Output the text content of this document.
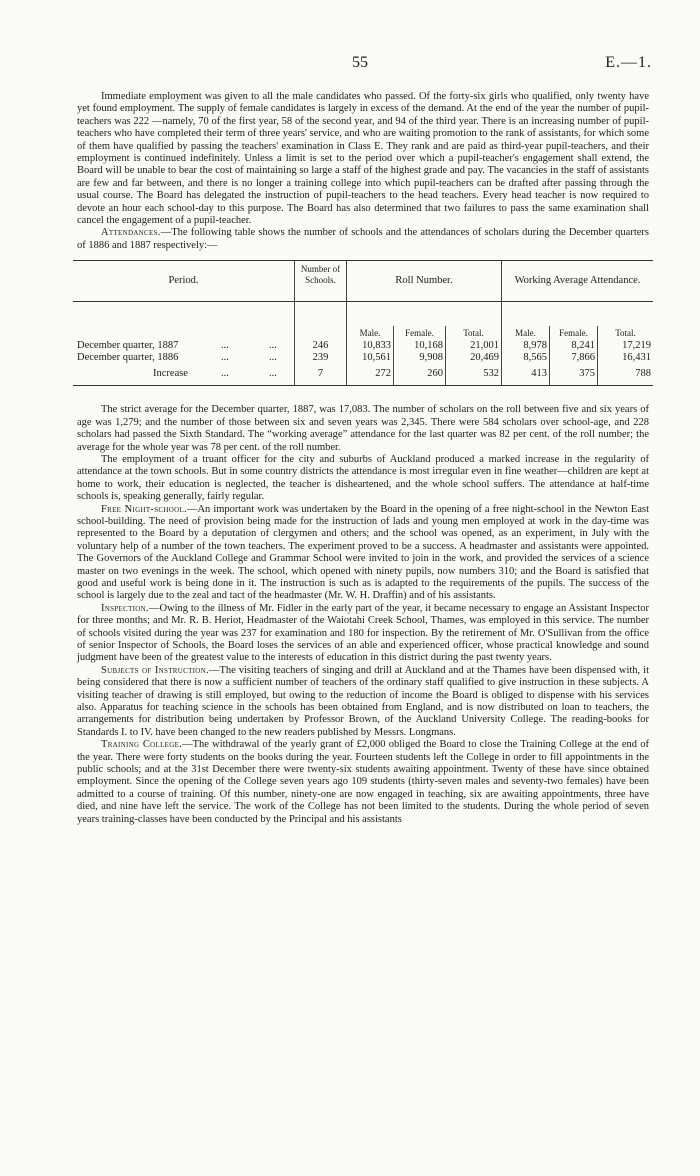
55	E.—1.

Immediate employment was given to all the male candidates who passed. Of the forty-six girls who qualified, only twenty have yet found employment. The supply of female candidates is largely in excess of the demand. At the end of the year the number of pupil-teachers was 222 —namely, 70 of the first year, 58 of the second year, and 94 of the third year. There is an increasing number of pupil-teachers who have completed their term of three years' service, and who are waiting promotion to the rank of assistants, for which some of them have qualified by passing the teachers' examination in Class E. They rank and are paid as third-year pupil-teachers, and their employment is continued indefinitely. Unless a limit is set to the period over which a pupil-teacher's engagement shall extend, the Board will be unable to bear the cost of maintaining so large a staff of the highest grade and pay. The vacancies in the staff of assistants are few and far between, and there is no longer a training college into which pupil-teachers can be drafted after passing through the usual course. The Board has delegated the instruction of pupil-teachers to the head teachers. Every head teacher is now required to devote an hour each school-day to this purpose. The Board has also determined that two failures to pass the same examination shall cancel the engagement of a pupil-teacher.

Attendances.—The following table shows the number of schools and the attendances of scholars during the December quarters of 1886 and 1887 respectively:—

Period.
Number of Schools.	Roll Number.	Working Average Attendance.
Male.	Female.	Total.	Male.	Female.	Total.
December quarter, 1887	...	...	246	10,833	10,168	21,001	8,978	8,241	17,219
December quarter, 1886	...	...	239	10,561	9,908	20,469	8,565	7,866	16,431
Increase	...	...	7	272	260	532	413	375	788

The strict average for the December quarter, 1887, was 17,083. The number of scholars on the roll between five and six years of age was 1,279; and the number of those between six and seven years was 2,345. There were 584 scholars over school-age, and 228 scholars had passed the Sixth Standard. The “working average” attendance for the last quarter was 82 per cent. of the roll number; the average for the whole year was 78 per cent. of the roll number.

The employment of a truant officer for the city and suburbs of Auckland produced a marked increase in the regularity of attendance at the town schools. But in some country districts the attendance is most irregular even in fine weather—children are kept at home to work, their education is neglected, the teacher is disheartened, and the whole school suffers. The attendance at half-time schools is, speaking generally, fairly regular.

Free Night-school.—An important work was undertaken by the Board in the opening of a free night-school in the Newton East school-building. The need of provision being made for the instruction of lads and young men employed at work in the day-time was represented to the Board by a deputation of clergymen and others; and the school was opened, as an experiment, in July with the voluntary help of a number of the town teachers. The experiment proved to be a success. A headmaster and assistants were appointed. The Governors of the Auckland College and Grammar School were invited to join in the work, and provided the services of a science master on two evenings in the week. The school, which opened with ninety pupils, now numbers 310; and the Board is satisfied that good and useful work is being done in it. The instruction is such as is adapted to the requirements of the pupils. The success of the school is largely due to the zeal and tact of the headmaster (Mr. W. H. Draffin) and of his assistants.

Inspection.—Owing to the illness of Mr. Fidler in the early part of the year, it became necessary to engage an Assistant Inspector for three months; and Mr. R. B. Heriot, Headmaster of the Waiotahi Creek School, Thames, was employed in this service. The number of schools visited during the year was 237 for examination and 180 for inspection. By the retirement of Mr. O'Sullivan from the office of senior Inspector of Schools, the Board loses the services of an able and experienced officer, whose practical knowledge and sound judgment have been of the greatest value to the interests of education in this district during the past twenty years.

Subjects of Instruction.—The visiting teachers of singing and drill at Auckland and at the Thames have been dispensed with, it being considered that there is now a sufficient number of teachers of the ordinary staff qualified to give instruction in these subjects. A visiting teacher of drawing is still employed, but owing to the reduction of income the Board is obliged to dispense with his services also. Apparatus for teaching science in the schools has been obtained from England, and is now distributed on loan to teachers, the arrangements for distribution being undertaken by Professor Brown, of the Auckland University College. The reading-books for Standards I. to IV. have been changed to the new readers published by Messrs. Longmans.

Training College.—The withdrawal of the yearly grant of £2,000 obliged the Board to close the Training College at the end of the year. There were forty students on the books during the year. Fourteen students left the College in order to fill appointments in the public schools; and at the 31st December there were twenty-six students awaiting appointment. Twenty of these have since obtained employment. Since the opening of the College seven years ago 109 students (thirty-seven males and seventy-two females) have been admitted to a course of training. Of this number, ninety-one are now engaged in teaching, six are awaiting appointments, three have died, and nine have left the service. The work of the College has not been limited to the students. During the whole period of seven years training-classes have been conducted by the Principal and his assistants
